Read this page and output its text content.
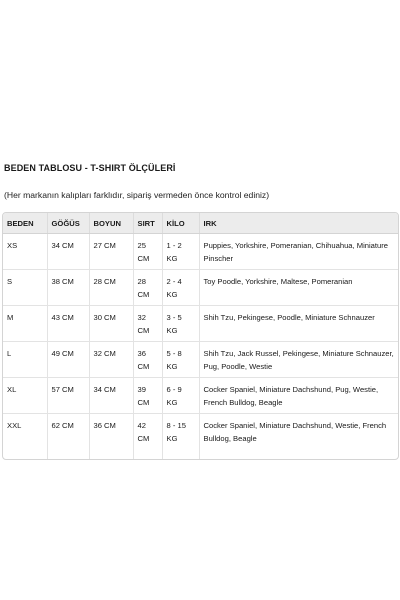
BEDEN TABLOSU - T-SHIRT ÖLÇÜLERİ
(Her markanın kalıpları farklıdır, sipariş vermeden önce kontrol ediniz)
BEDEN	GÖĞÜS	BOYUN	SIRT	KİLO	IRK
XS	34 CM	27 CM	25 CM	1 - 2 KG	Puppies, Yorkshire, Pomeranian, Chihuahua, Miniature Pinscher
S	38 CM	28 CM	28 CM	2 - 4 KG	Toy Poodle, Yorkshire, Maltese, Pomeranian
M	43 CM	30 CM	32 CM	3 - 5 KG	Shih Tzu, Pekingese, Poodle, Miniature Schnauzer
L	49 CM	32 CM	36 CM	5 - 8 KG	Shih Tzu, Jack Russel, Pekingese, Miniature Schnauzer, Pug, Poodle, Westie
XL	57 CM	34 CM	39 CM	6 - 9 KG	Cocker Spaniel, Miniature Dachshund, Pug, Westie, French Bulldog, Beagle
XXL	62 CM	36 CM	42 CM	8 - 15 KG	Cocker Spaniel, Miniature Dachshund, Westie, French Bulldog, Beagle
